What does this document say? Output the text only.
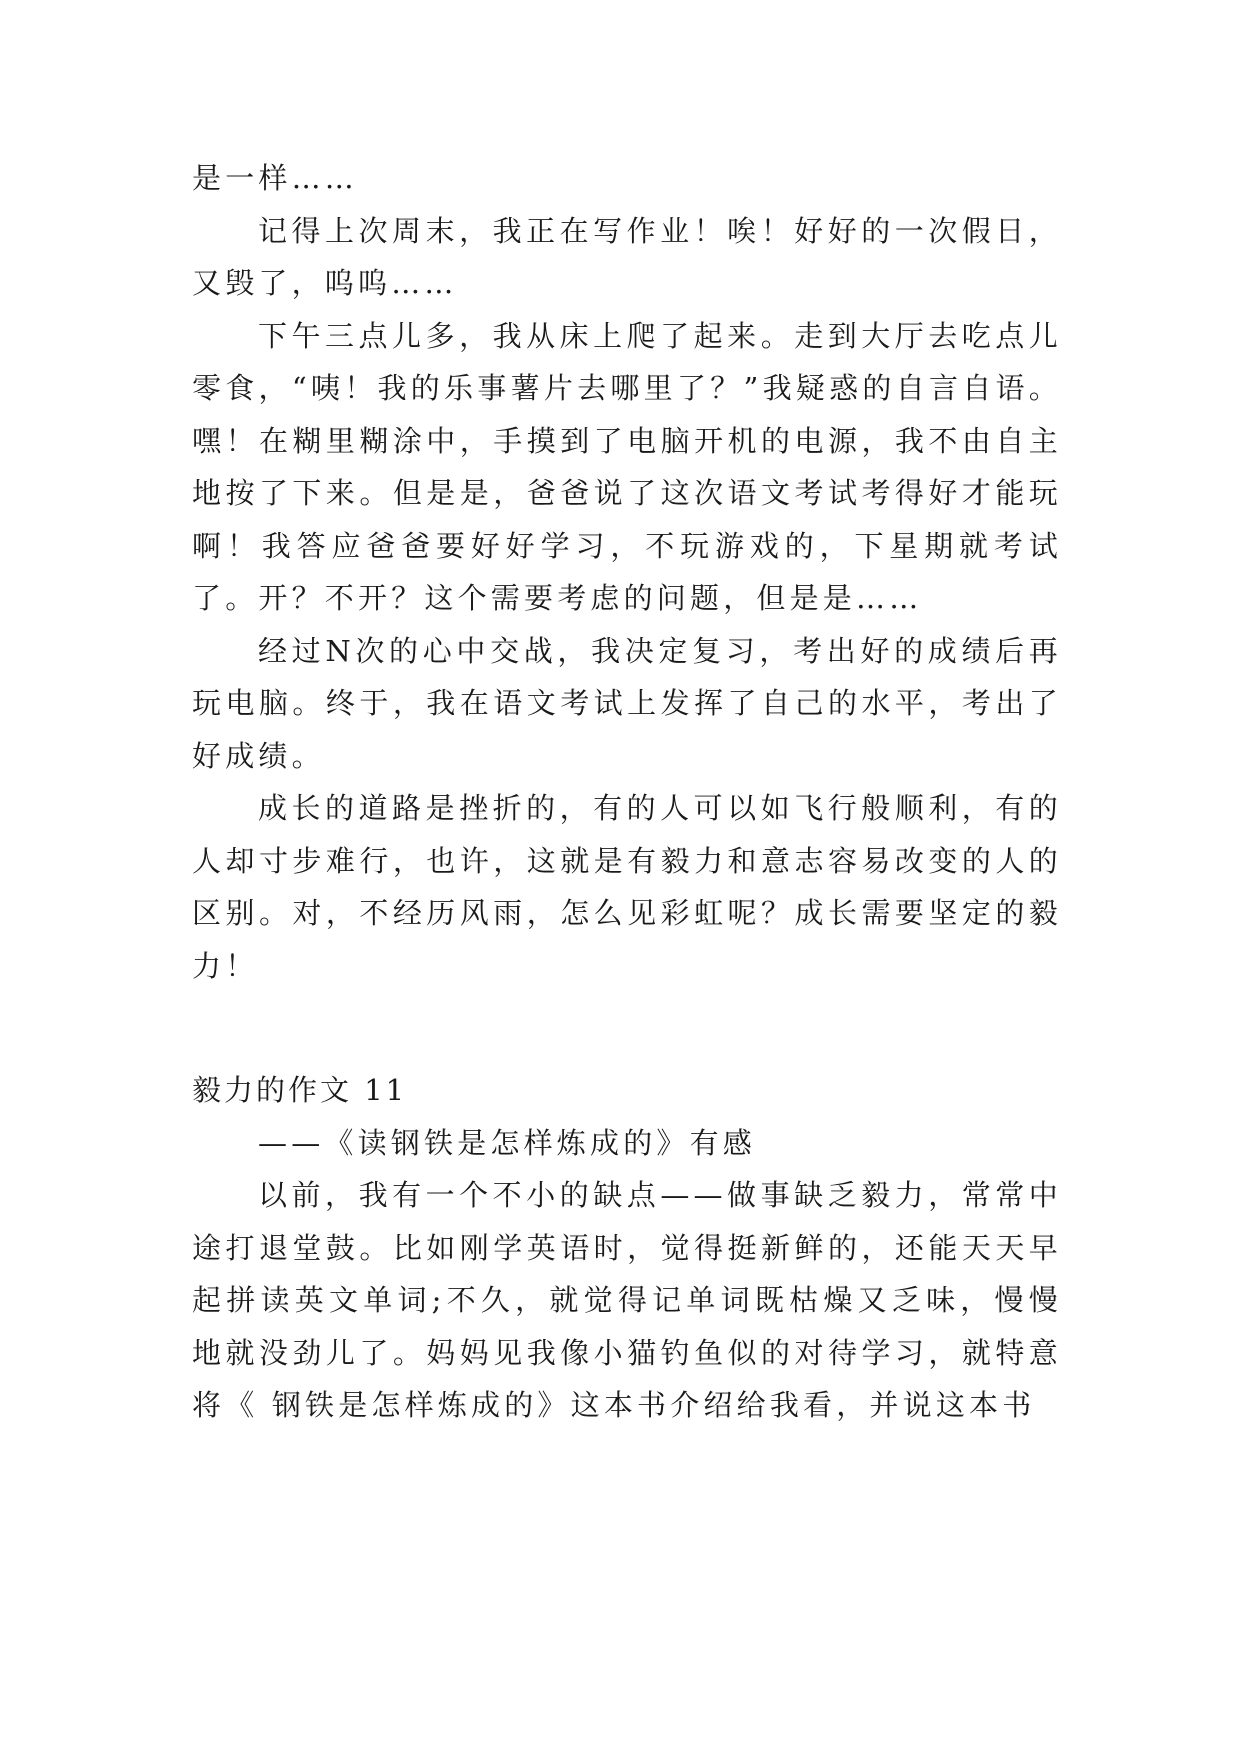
是一样……

记得上次周末，我正在写作业！唉！好好的一次假日，又毁了，呜呜……

下午三点儿多，我从床上爬了起来。走到大厅去吃点儿零食，“咦！我的乐事薯片去哪里了？”我疑惑的自言自语。嘿！在糊里糊涂中，手摸到了电脑开机的电源，我不由自主地按了下来。但是是，爸爸说了这次语文考试考得好才能玩啊！我答应爸爸要好好学习，不玩游戏的，下星期就考试了。开？不开？这个需要考虑的问题，但是是……

经过N次的心中交战，我决定复习，考出好的成绩后再玩电脑。终于，我在语文考试上发挥了自己的水平，考出了好成绩。

成长的道路是挫折的，有的人可以如飞行般顺利，有的人却寸步难行，也许，这就是有毅力和意志容易改变的人的区别。对，不经历风雨，怎么见彩虹呢？成长需要坚定的毅力！

毅力的作文 11

——《读钢铁是怎样炼成的》有感

以前，我有一个不小的缺点——做事缺乏毅力，常常中途打退堂鼓。比如刚学英语时，觉得挺新鲜的，还能天天早起拼读英文单词;不久，就觉得记单词既枯燥又乏味，慢慢地就没劲儿了。妈妈见我像小猫钓鱼似的对待学习，就特意将《 钢铁是怎样炼成的》这本书介绍给我看，并说这本书
